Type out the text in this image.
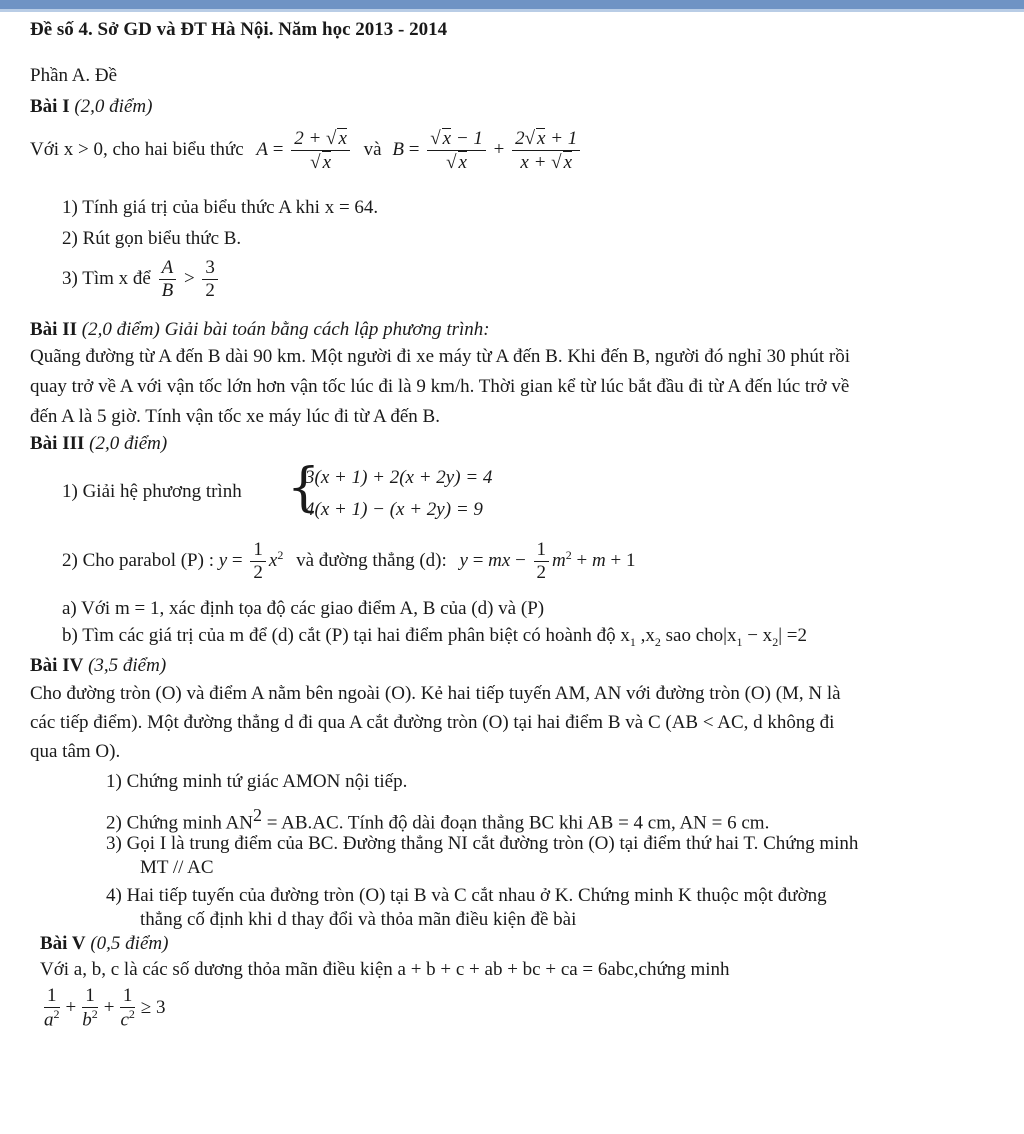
Đề số 4. Sở GD và ĐT Hà Nội. Năm học 2013 - 2014
Phần A. Đề
Bài I (2,0 điểm)
Với x > 0, cho hai biểu thức $A = \frac{2 + √ x}{√ x}$ và $B = \frac{√ x - 1}{√ x} + \frac{2√ x + 1}{x + √ x}$
1) Tính giá trị của biểu thức A khi x = 64.
2) Rút gọn biểu thức B.
3) Tìm x để $\frac{A}{B} > \frac{3}{2}$
Bài II (2,0 điểm) Giải bài toán bằng cách lập phương trình:
Quãng đường từ A đến B dài 90 km. Một người đi xe máy từ A đến B. Khi đến B, người đó nghỉ 30 phút rồi
quay trở về A với vận tốc lớn hơn vận tốc lúc đi là 9 km/h. Thời gian kể từ lúc bắt đầu đi từ A đến lúc trở về
đến A là 5 giờ. Tính vận tốc xe máy lúc đi từ A đến B.
Bài III (2,0 điểm)
1) Giải hệ phương trình {
3(x + 1) + 2(x + 2y) = 4
4(x + 1) − (x + 2y) = 9
2) Cho parabol (P) : $y = \frac{1}{2} x^2$ và đường thẳng (d): y = mx − $\frac{1}{2} m^2 + m + 1$
a) Với m = 1, xác định tọa độ các giao điểm A, B của (d) và (P)
b) Tìm các giá trị của m để (d) cắt (P) tại hai điểm phân biệt có hoành độ $x_1$ $,x_2$ sao $cho|x_1 - x_2| =2$
Bài IV (3,5 điểm)
Cho đường tròn (O) và điểm A nằm bên ngoài (O). Kẻ hai tiếp tuyến AM, AN với đường tròn (O) (M, N là
các tiếp điểm). Một đường thẳng d đi qua A cắt đường tròn (O) tại hai điểm B và C (AB < AC, d không đi
qua tâm O).
1) Chứng minh tứ giác AMON nội tiếp.
2) Chứng minh $AN^2 = AB.AC$. Tính độ dài đoạn thẳng BC khi AB = 4 cm, AN = 6 cm.
3) Gọi I là trung điểm của BC. Đường thẳng NI cắt đường tròn (O) tại điểm thứ hai T. Chứng minh
MT // AC
4) Hai tiếp tuyến của đường tròn (O) tại B và C cắt nhau ở K. Chứng minh K thuộc một đường
thẳng cố định khi d thay đổi và thỏa mãn điều kiện đề bài
Bài V (0,5 điểm)
Với a, b, c là các số dương thỏa mãn điều kiện a + b + c + ab + bc + ca = 6abc,chứng minh
$\frac{1}{a^2} + \frac{1}{b^2} + \frac{1}{c^2} \ge 3$
